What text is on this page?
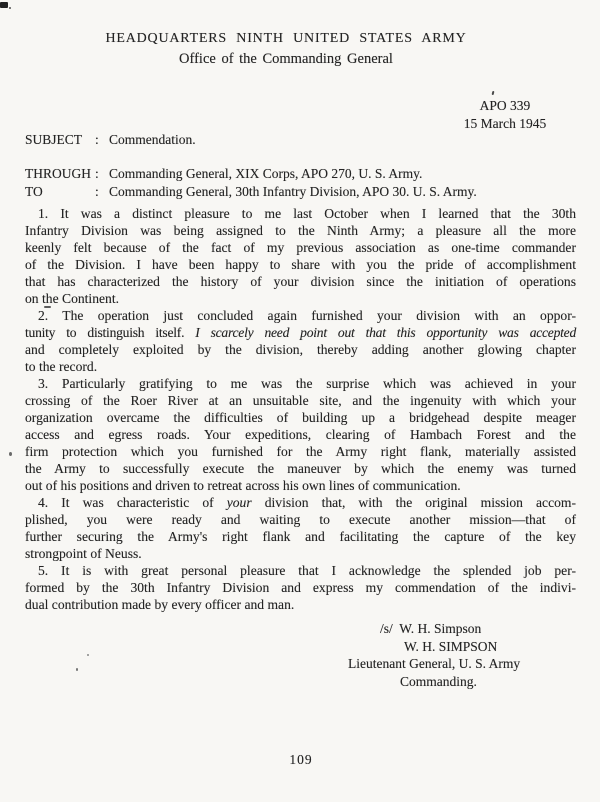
HEADQUARTERS NINTH UNITED STATES ARMY
Office of the Commanding General
APO 339
15 March 1945
SUBJECT : Commendation.
THROUGH : Commanding General, XIX Corps, APO 270, U. S. Army.
TO	: Commanding General, 30th Infantry Division, APO 30. U. S. Army.
1. It was a distinct pleasure to me last October when I learned that the 30th
Infantry Division was being assigned to the Ninth Army; a pleasure all the more
keenly felt because of the fact of my previous association as one-time commander
of the Division. I have been happy to share with you the pride of accomplishment
that has characterized the history of your division since the initiation of operations
on the Continent.
2. The operation just concluded again furnished your division with an oppor-
tunity to distinguish itself. I scarcely need point out that this opportunity was accepted
and completely exploited by the division, thereby adding another glowing chapter
to the record.
3. Particularly gratifying to me was the surprise which was achieved in your
crossing of the Roer River at an unsuitable site, and the ingenuity with which your
organization overcame the difficulties of building up a bridgehead despite meager
access and egress roads. Your expeditions, clearing of Hambach Forest and the
firm protection which you furnished for the Army right flank, materially assisted
the Army to successfully execute the maneuver by which the enemy was turned
out of his positions and driven to retreat across his own lines of communication.
4. It was characteristic of your division that, with the original mission accom-
plished, you were ready and waiting to execute another mission—that of
further securing the Army's right flank and facilitating the capture of the key
strongpoint of Neuss.
5. It is with great personal pleasure that I acknowledge the splended job per-
formed by the 30th Infantry Division and express my commendation of the indivi-
dual contribution made by every officer and man.
/s/  W. H. Simpson
W. H. SIMPSON
Lieutenant General, U. S. Army
Commanding.
109
